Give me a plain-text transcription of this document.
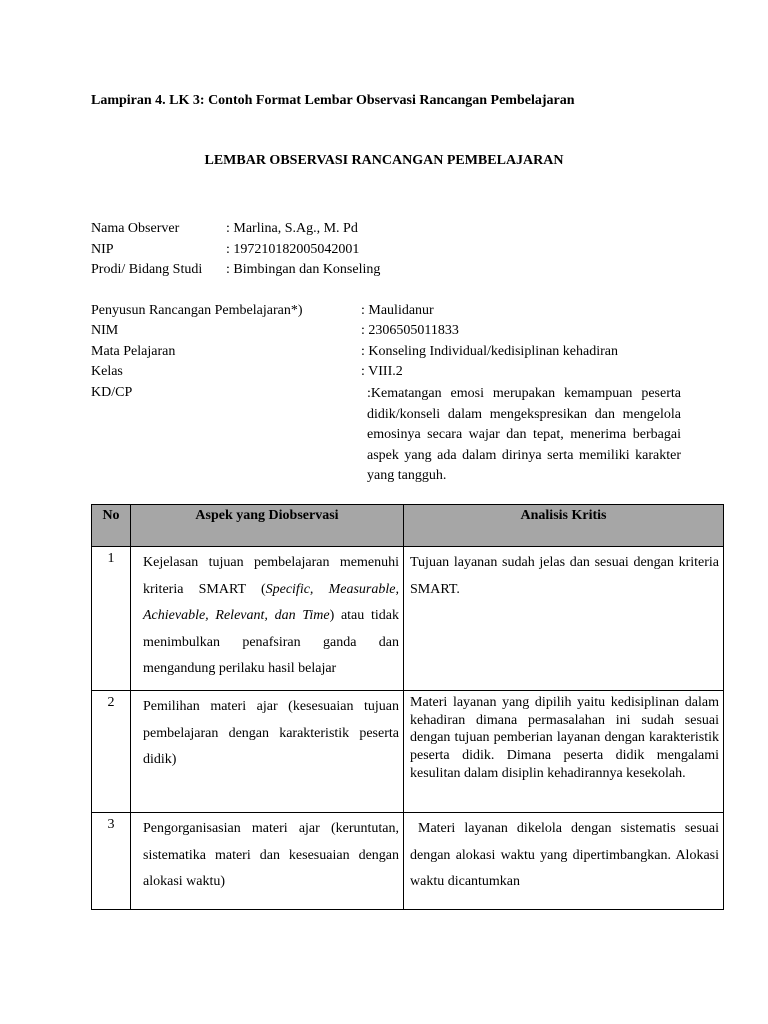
Lampiran 4. LK 3: Contoh Format Lembar Observasi Rancangan Pembelajaran
LEMBAR OBSERVASI RANCANGAN PEMBELAJARAN
Nama Observer	: Marlina, S.Ag., M. Pd
NIP	: 197210182005042001
Prodi/ Bidang Studi : Bimbingan dan Konseling
Penyusun Rancangan Pembelajaran*)	: Maulidanur
NIM	: 2306505011833
Mata Pelajaran	: Konseling Individual/kedisiplinan kehadiran
Kelas	: VIII.2
KD/CP	:Kematangan emosi merupakan kemampuan peserta didik/konseli dalam mengekspresikan dan mengelola emosinya secara wajar dan tepat, menerima berbagai aspek yang ada dalam dirinya serta memiliki karakter yang tangguh.
No	Aspek yang Diobservasi	Analisis Kritis
1	Kejelasan tujuan pembelajaran memenuhi kriteria SMART (Specific, Measurable, Achievable, Relevant, dan Time) atau tidak menimbulkan penafsiran ganda dan mengandung perilaku hasil belajar	Tujuan layanan sudah jelas dan sesuai dengan kriteria SMART.
2	Pemilihan materi ajar (kesesuaian tujuan pembelajaran dengan karakteristik peserta didik)	Materi layanan yang dipilih yaitu kedisiplinan dalam kehadiran dimana permasalahan ini sudah sesuai dengan tujuan pemberian layanan dengan karakteristik peserta didik. Dimana peserta didik mengalami kesulitan dalam disiplin kehadirannya kesekolah.
3	Pengorganisasian materi ajar (keruntutan, sistematika materi dan kesesuaian dengan alokasi waktu)	Materi layanan dikelola dengan sistematis sesuai dengan alokasi waktu yang dipertimbangkan. Alokasi waktu dicantumkan
